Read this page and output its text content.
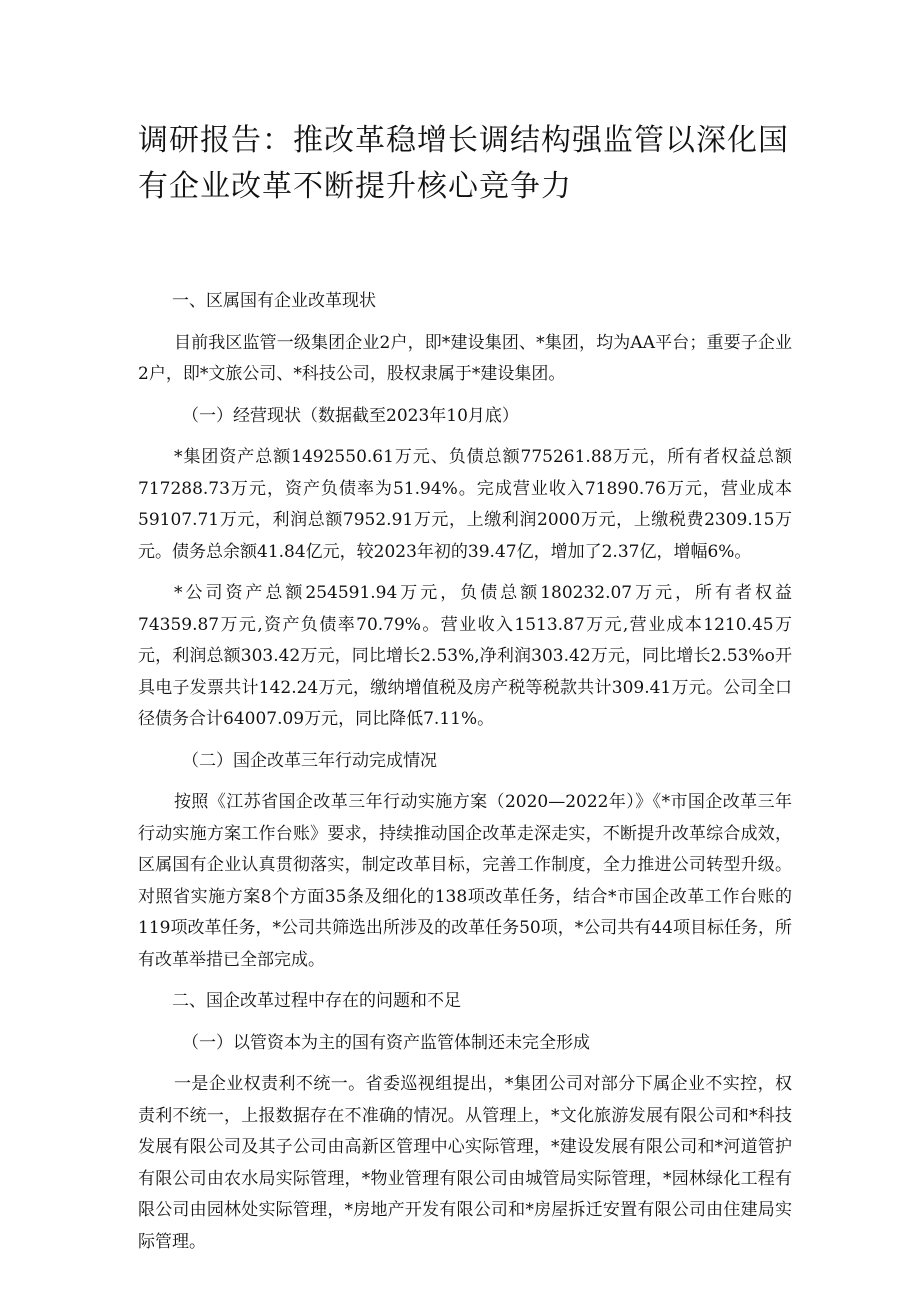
调研报告：推改革稳增长调结构强监管以深化国有企业改革不断提升核心竞争力

一、区属国有企业改革现状

目前我区监管一级集团企业2户，即*建设集团、*集团，均为AA平台；重要子企业2户，即*文旅公司、*科技公司，股权隶属于*建设集团。

（一）经营现状（数据截至2023年10月底）

*集团资产总额1492550.61万元、负债总额775261.88万元，所有者权益总额717288.73万元，资产负债率为51.94%。完成营业收入71890.76万元，营业成本59107.71万元，利润总额7952.91万元，上缴利润2000万元，上缴税费2309.15万元。债务总余额41.84亿元，较2023年初的39.47亿，增加了2.37亿，增幅6%。

*公司资产总额254591.94万元，负债总额180232.07万元，所有者权益74359.87万元,资产负债率70.79%。营业收入1513.87万元,营业成本1210.45万元，利润总额303.42万元，同比增长2.53%,净利润303.42万元，同比增长2.53%o开具电子发票共计142.24万元，缴纳增值税及房产税等税款共计309.41万元。公司全口径债务合计64007.09万元，同比降低7.11%。

（二）国企改革三年行动完成情况

按照《江苏省国企改革三年行动实施方案（2020—2022年）》《*市国企改革三年行动实施方案工作台账》要求，持续推动国企改革走深走实，不断提升改革综合成效，区属国有企业认真贯彻落实，制定改革目标，完善工作制度，全力推进公司转型升级。对照省实施方案8个方面35条及细化的138项改革任务，结合*市国企改革工作台账的119项改革任务，*公司共筛选出所涉及的改革任务50项，*公司共有44项目标任务，所有改革举措已全部完成。

二、国企改革过程中存在的问题和不足

（一）以管资本为主的国有资产监管体制还未完全形成

一是企业权责利不统一。省委巡视组提出，*集团公司对部分下属企业不实控，权责利不统一，上报数据存在不准确的情况。从管理上，*文化旅游发展有限公司和*科技发展有限公司及其子公司由高新区管理中心实际管理，*建设发展有限公司和*河道管护有限公司由农水局实际管理，*物业管理有限公司由城管局实际管理，*园林绿化工程有限公司由园林处实际管理，*房地产开发有限公司和*房屋拆迁安置有限公司由住建局实际管理。
